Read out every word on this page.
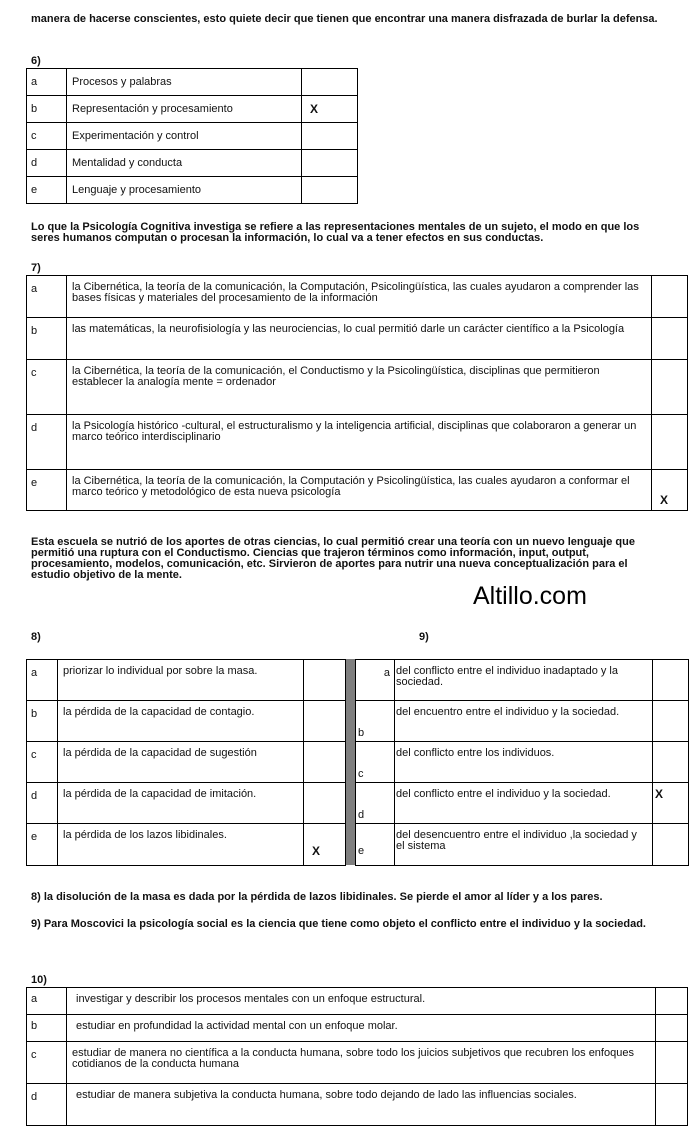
manera de hacerse conscientes, esto quiete decir que tienen que encontrar una manera disfrazada de burlar la defensa.
6)
a	Procesos y palabras	
b	Representación y procesamiento	X
c	Experimentación y control	
d	Mentalidad y conducta	
e	Lenguaje y procesamiento	
Lo que la Psicología Cognitiva investiga se refiere a las representaciones mentales de un sujeto, el modo en que los seres humanos computan o procesan la información, lo cual va a tener efectos en sus conductas.
7)
a	la Cibernética, la teoría de la comunicación, la Computación, Psicolingüística, las cuales ayudaron a comprender las bases físicas y materiales del procesamiento de la información	
b	las matemáticas, la neurofisiología y las neurociencias, lo cual permitió darle un carácter científico a la Psicología	
c	la Cibernética, la teoría de la comunicación, el Conductismo y la Psicolingüística, disciplinas que permitieron establecer la analogía mente = ordenador	
d	la Psicología histórico -cultural, el estructuralismo y la inteligencia artificial, disciplinas que colaboraron a generar un marco teórico interdisciplinario	
e	la Cibernética, la teoría de la comunicación, la Computación y Psicolingüística, las cuales ayudaron a conformar el marco teórico y metodológico de esta nueva psicología	X
Esta escuela se nutrió de los aportes de otras ciencias, lo cual permitió crear una teoría con un nuevo lenguaje que permitió una ruptura con el Conductismo. Ciencias que trajeron términos como información, input, output, procesamiento, modelos, comunicación, etc. Sirvieron de aportes para nutrir una nueva conceptualización para el estudio objetivo de la mente.
Altillo.com
8)	9)
a	priorizar lo individual por sobre la masa.	
b	la pérdida de la capacidad de contagio.	
c	la pérdida de la capacidad de sugestión	
d	la pérdida de la capacidad de imitación.	
e	la pérdida de los lazos libidinales.	X
a	del conflicto entre el individuo inadaptado y la sociedad.	
b	del encuentro entre el individuo y la sociedad.	
c	del conflicto entre los individuos.	
d	del conflicto entre el individuo y la sociedad.	X
e	del desencuentro entre el individuo ,la sociedad y el sistema	
8) la disolución de la masa es dada por la pérdida de lazos libidinales. Se pierde el amor al líder y a los pares.
9) Para Moscovici la psicología social es la ciencia que tiene como objeto el conflicto entre el individuo y la sociedad.
10)
a	investigar y describir los procesos mentales con un enfoque estructural.	
b	estudiar en profundidad la actividad mental con un enfoque molar.	
c	estudiar de manera no científica a la conducta humana, sobre todo los juicios subjetivos que recubren los enfoques cotidianos de la conducta humana	
d	estudiar de manera subjetiva la conducta humana, sobre todo dejando de lado las influencias sociales.	
